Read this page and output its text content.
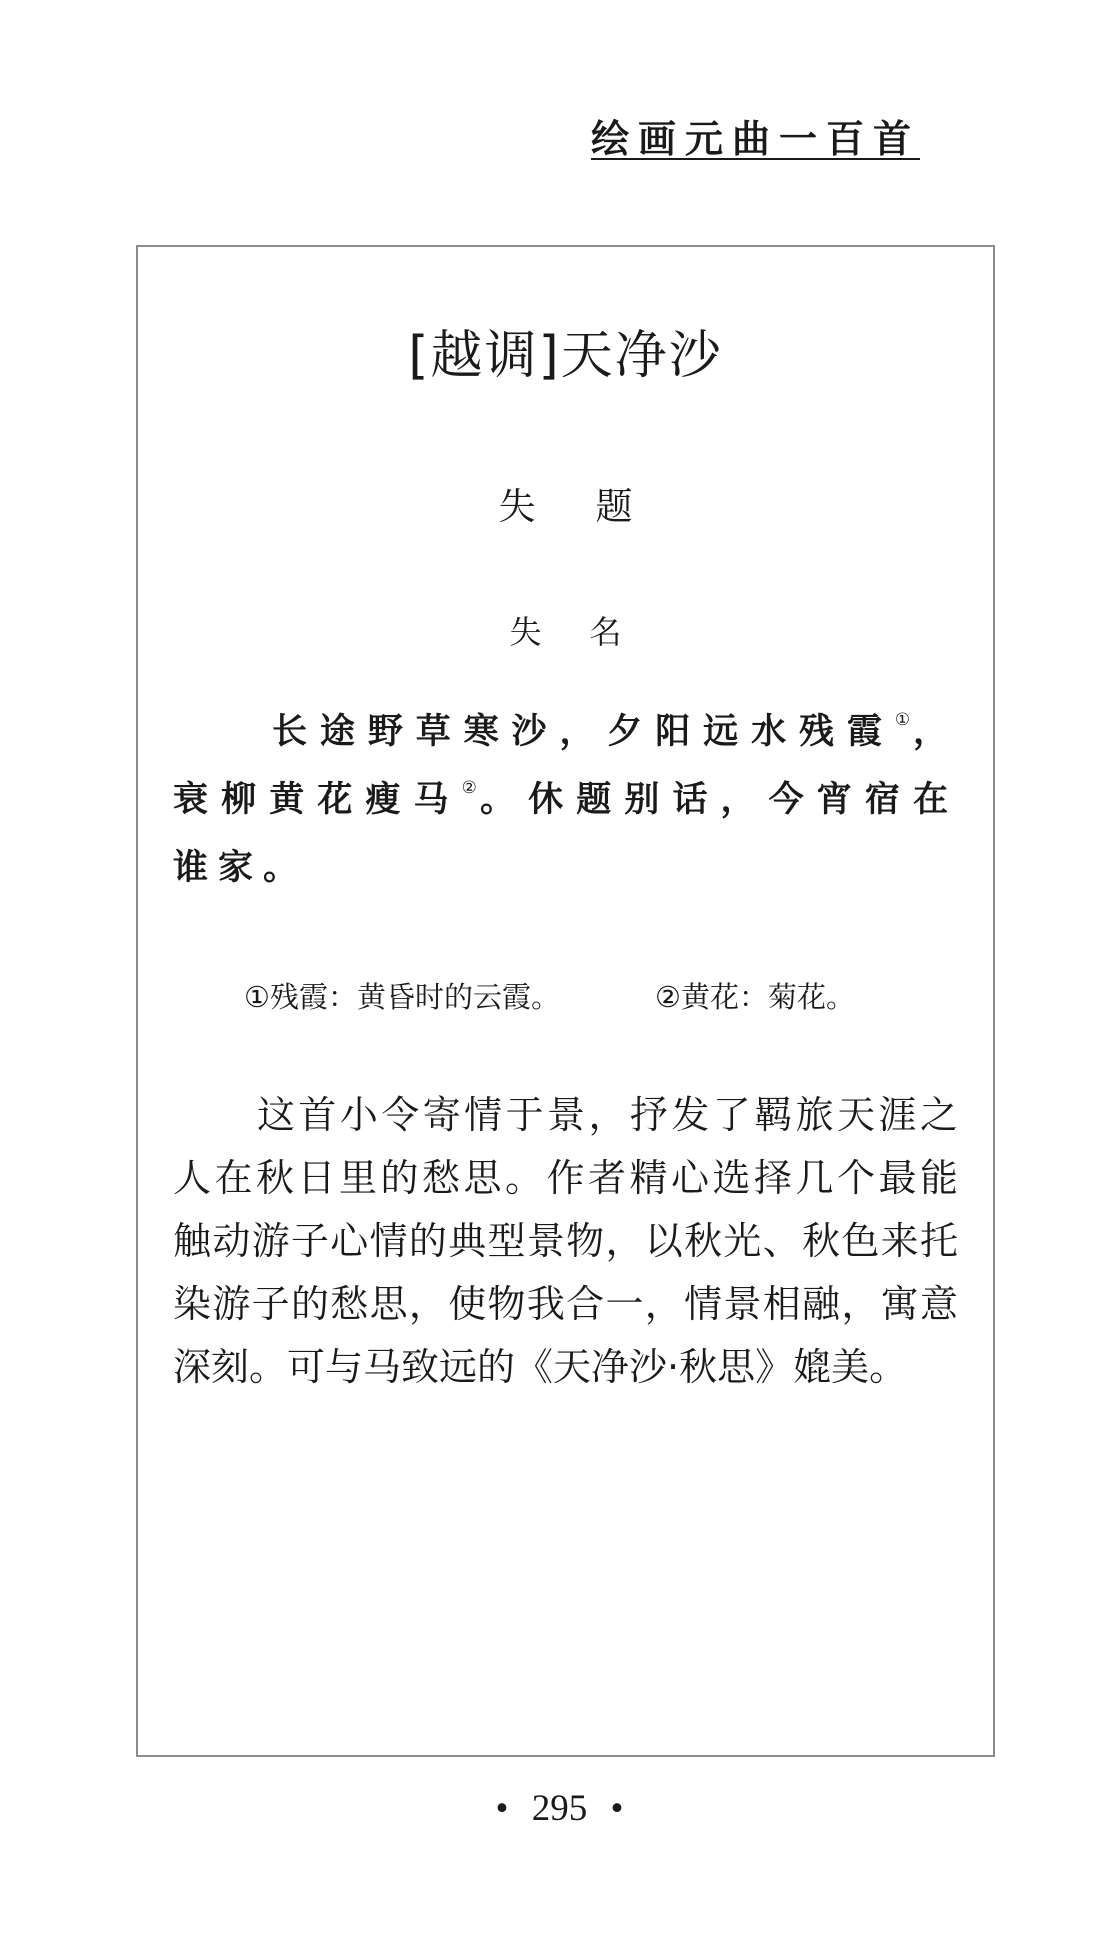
绘画元曲一百首
[越调]天净沙
失题
失名
长途野草寒沙，夕阳远水残霞①，
衰柳黄花瘦马②。休题别话，今宵宿在
谁家。
①残霞：黄昏时的云霞。	②黄花：菊花。
这首小令寄情于景，抒发了羁旅天涯之
人在秋日里的愁思。作者精心选择几个最能
触动游子心情的典型景物，以秋光、秋色来托
染游子的愁思，使物我合一，情景相融，寓意
深刻。可与马致远的《天净沙·秋思》媲美。
• 295 •
